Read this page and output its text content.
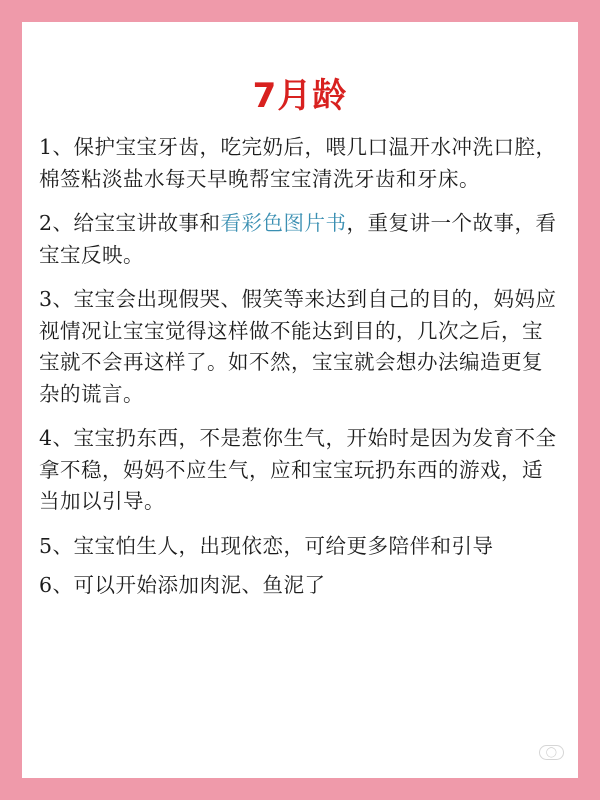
7月龄

1、保护宝宝牙齿，吃完奶后，喂几口温开水冲洗口腔，棉签粘淡盐水每天早晚帮宝宝清洗牙齿和牙床。

2、给宝宝讲故事和看彩色图片书，重复讲一个故事，看宝宝反映。

3、宝宝会出现假哭、假笑等来达到自己的目的，妈妈应视情况让宝宝觉得这样做不能达到目的，几次之后，宝宝就不会再这样了。如不然，宝宝就会想办法编造更复杂的谎言。

4、宝宝扔东西，不是惹你生气，开始时是因为发育不全拿不稳，妈妈不应生气，应和宝宝玩扔东西的游戏，适当加以引导。

5、宝宝怕生人，出现依恋，可给更多陪伴和引导

6、可以开始添加肉泥、鱼泥了

◯
